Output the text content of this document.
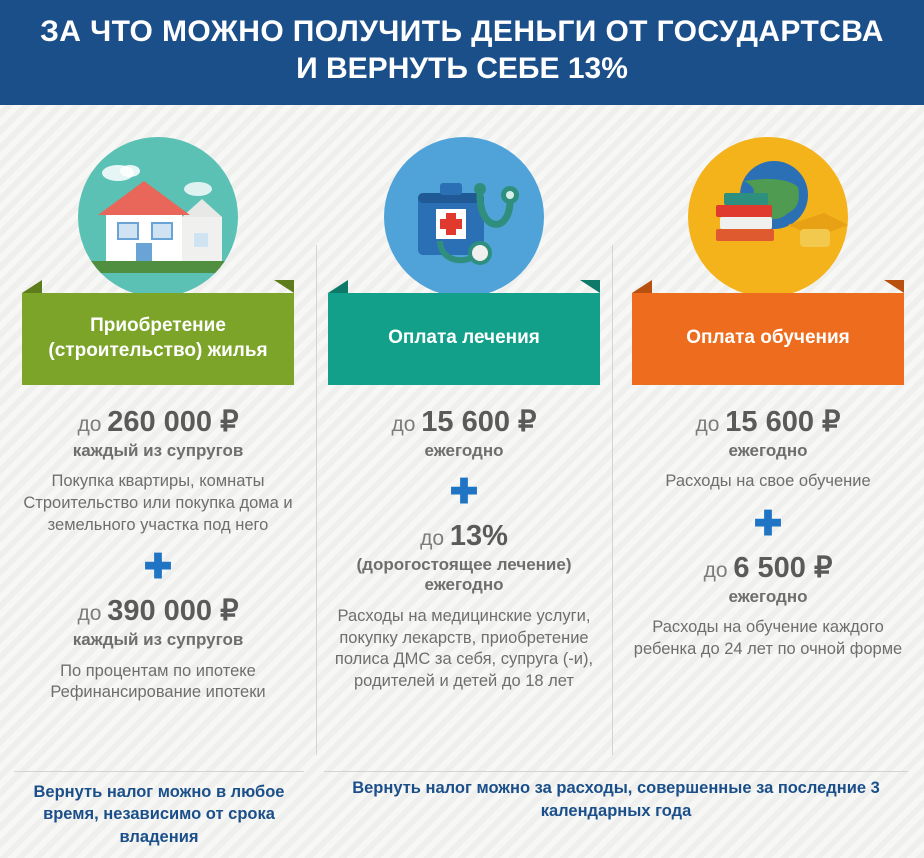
ЗА ЧТО МОЖНО ПОЛУЧИТЬ ДЕНЬГИ ОТ ГОСУДАРТСВА
И ВЕРНУТЬ СЕБЕ 13%
Приобретение (строительство) жилья
до 260 000 ₽
каждый из супругов
Покупка квартиры, комнаты Строительство или покупка дома и земельного участка под него
✚
до 390 000 ₽
каждый из супругов
По процентам по ипотеке Рефинансирование ипотеки
Оплата лечения
до 15 600 ₽
ежегодно
✚
до 13%
(дорогостоящее лечение) ежегодно
Расходы на медицинские услуги, покупку лекарств, приобретение полиса ДМС за себя, супруга (-и), родителей и детей до 18 лет
Оплата обучения
до 15 600 ₽
ежегодно
Расходы на свое обучение
✚
до 6 500 ₽
ежегодно
Расходы на обучение каждого ребенка до 24 лет по очной форме
Вернуть налог можно в любое время, независимо от срока владения
Вернуть налог можно за расходы, совершенные за последние 3 календарных года
